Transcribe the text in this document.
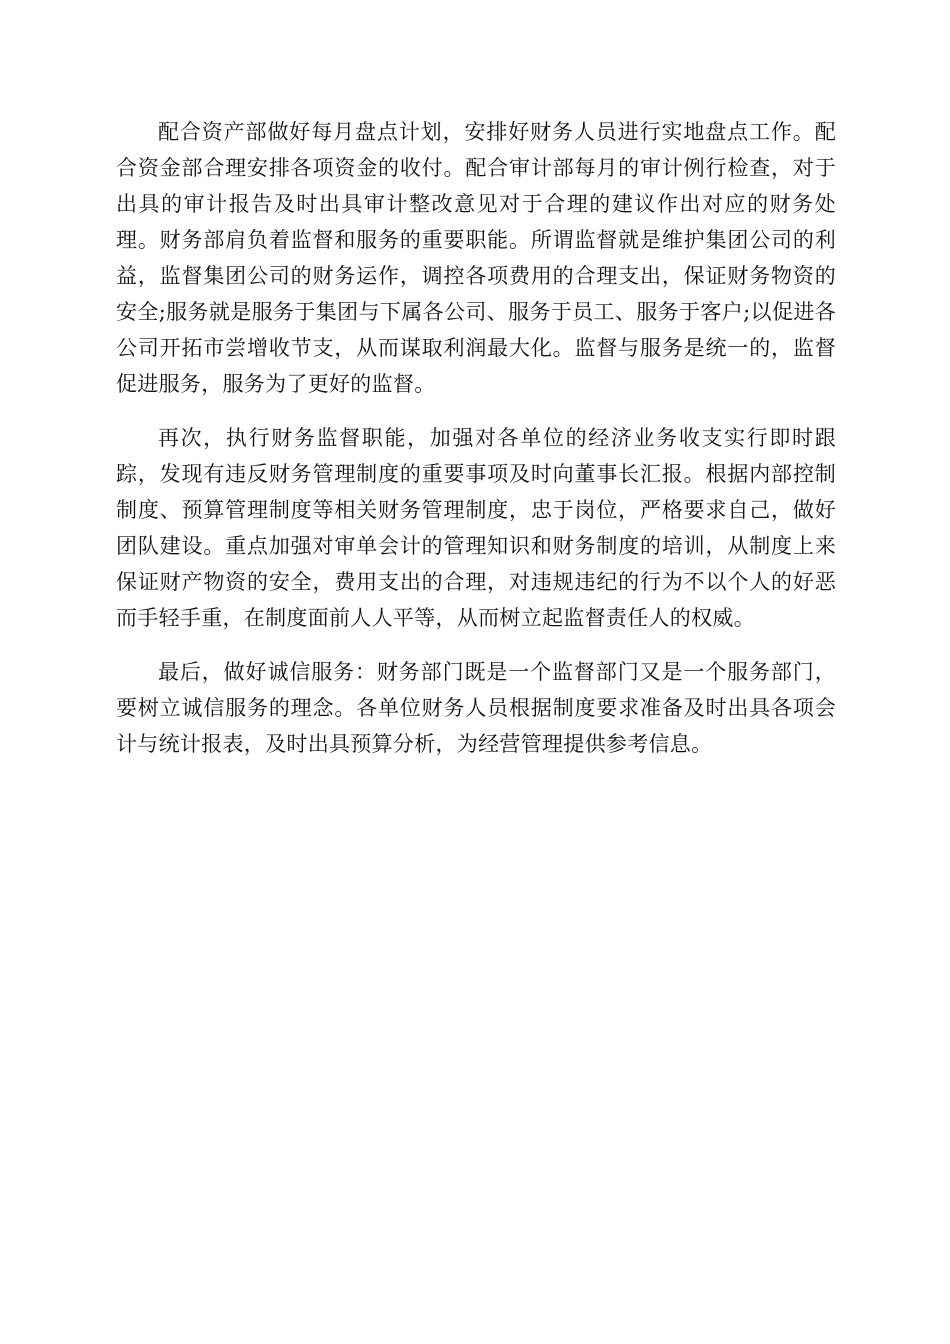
配合资产部做好每月盘点计划，安排好财务人员进行实地盘点工作。配合资金部合理安排各项资金的收付。配合审计部每月的审计例行检查，对于出具的审计报告及时出具审计整改意见对于合理的建议作出对应的财务处理。财务部肩负着监督和服务的重要职能。所谓监督就是维护集团公司的利益，监督集团公司的财务运作，调控各项费用的合理支出，保证财务物资的安全;服务就是服务于集团与下属各公司、服务于员工、服务于客户;以促进各公司开拓市尝增收节支，从而谋取利润最大化。监督与服务是统一的，监督促进服务，服务为了更好的监督。

再次，执行财务监督职能，加强对各单位的经济业务收支实行即时跟踪，发现有违反财务管理制度的重要事项及时向董事长汇报。根据内部控制制度、预算管理制度等相关财务管理制度，忠于岗位，严格要求自己，做好团队建设。重点加强对审单会计的管理知识和财务制度的培训，从制度上来保证财产物资的安全，费用支出的合理，对违规违纪的行为不以个人的好恶而手轻手重，在制度面前人人平等，从而树立起监督责任人的权威。

最后，做好诚信服务：财务部门既是一个监督部门又是一个服务部门，要树立诚信服务的理念。各单位财务人员根据制度要求准备及时出具各项会计与统计报表，及时出具预算分析，为经营管理提供参考信息。
